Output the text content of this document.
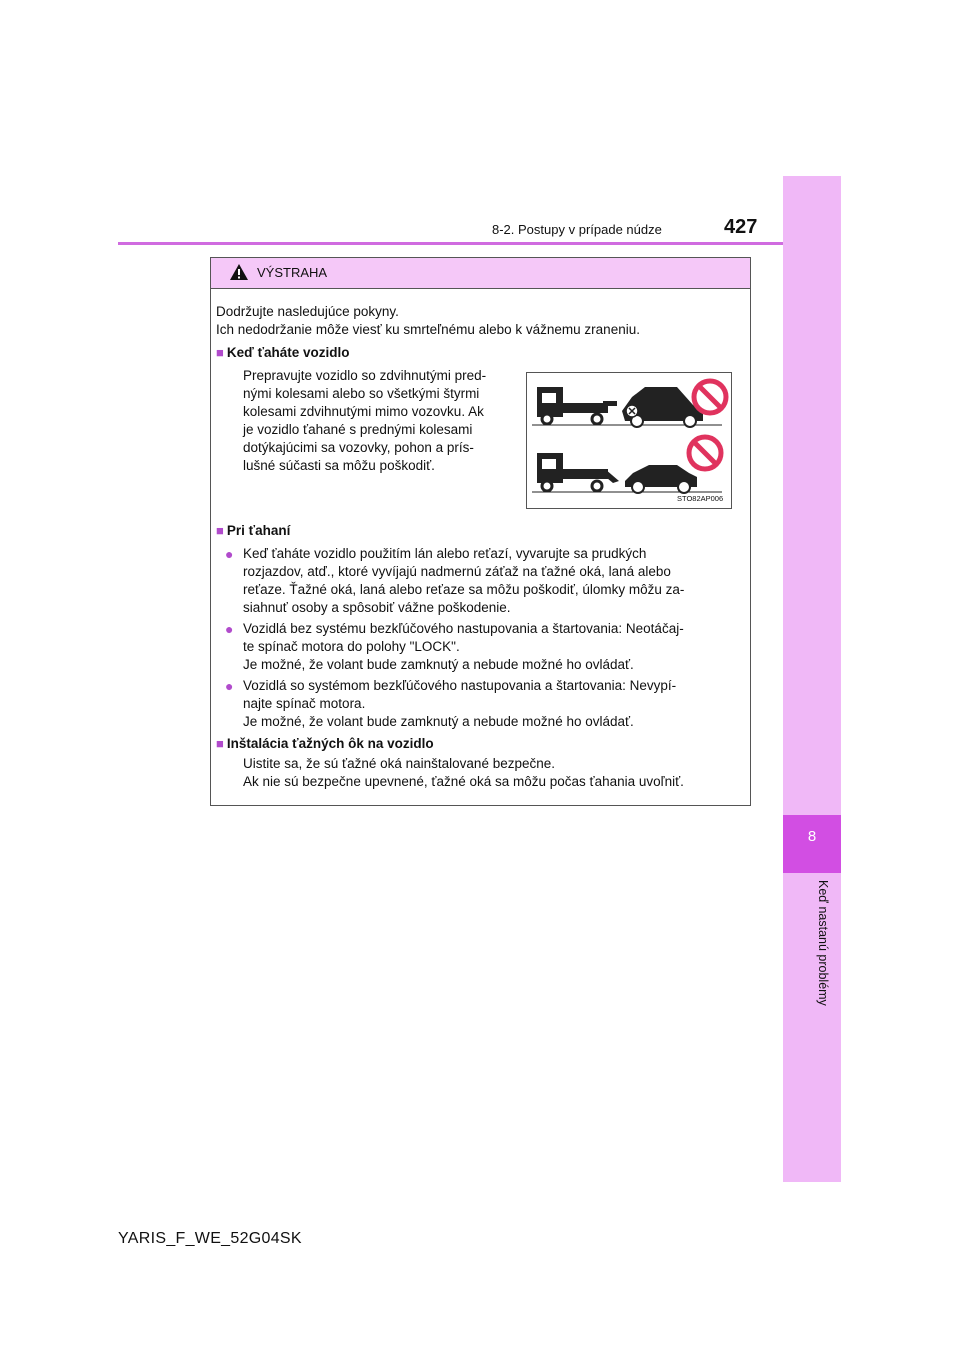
8
Keď nastanú problémy
8-2. Postupy v prípade núdze	427
VÝSTRAHA
Dodržujte nasledujúce pokyny.
Ich nedodržanie môže viesť ku smrteľnému alebo k vážnemu zraneniu.
■ Keď ťaháte vozidlo
Prepravujte vozidlo so zdvihnutými pred-
nými kolesami alebo so všetkými štyrmi
kolesami zdvihnutými mimo vozovku. Ak
je vozidlo ťahané s prednými kolesami
dotýkajúcimi sa vozovky, pohon a prís-
lušné súčasti sa môžu poškodiť.
STO82AP006
■ Pri ťahaní
● Keď ťaháte vozidlo použitím lán alebo reťazí, vyvarujte sa prudkých
rozjazdov, atď., ktoré vyvíjajú nadmernú záťaž na ťažné oká, laná alebo
reťaze. Ťažné oká, laná alebo reťaze sa môžu poškodiť, úlomky môžu za-
siahnuť osoby a spôsobiť vážne poškodenie.
● Vozidlá bez systému bezkľúčového nastupovania a štartovania: Neotáčaj-
te spínač motora do polohy "LOCK".
Je možné, že volant bude zamknutý a nebude možné ho ovládať.
● Vozidlá so systémom bezkľúčového nastupovania a štartovania: Nevypí-
najte spínač motora.
Je možné, že volant bude zamknutý a nebude možné ho ovládať.
■ Inštalácia ťažných ôk na vozidlo
Uistite sa, že sú ťažné oká nainštalované bezpečne.
Ak nie sú bezpečne upevnené, ťažné oká sa môžu počas ťahania uvoľniť.
YARIS_F_WE_52G04SK
